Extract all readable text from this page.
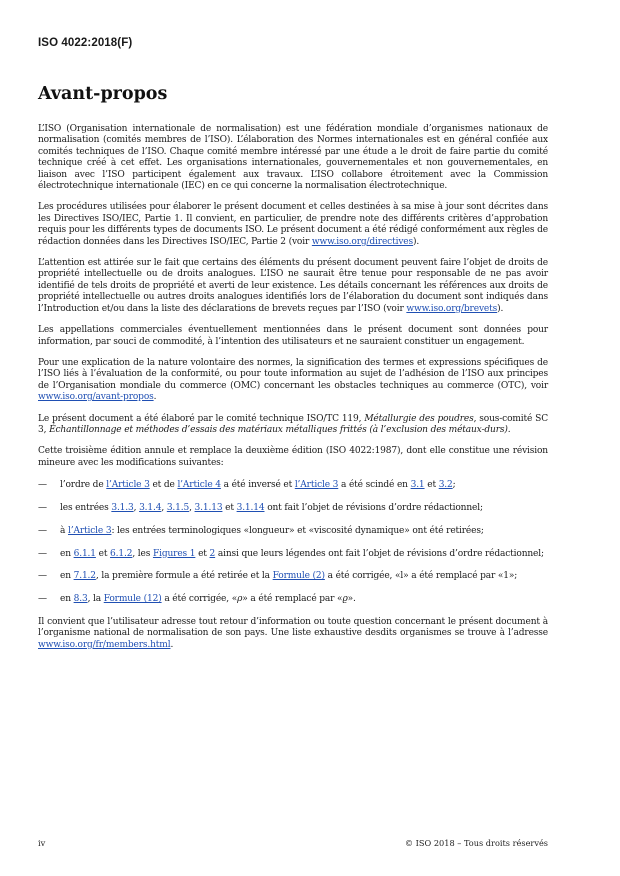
ISO 4022:2018(F)
Avant-propos

L’ISO (Organisation internationale de normalisation) est une fédération mondiale d’organismes nationaux de normalisation (comités membres de l’ISO). L’élaboration des Normes internationales est en général confiée aux comités techniques de l’ISO. Chaque comité membre intéressé par une étude a le droit de faire partie du comité technique créé à cet effet. Les organisations internationales, gouvernementales et non gouvernementales, en liaison avec l’ISO participent également aux travaux. L’ISO collabore étroitement avec la Commission électrotechnique internationale (IEC) en ce qui concerne la normalisation électrotechnique.

Les procédures utilisées pour élaborer le présent document et celles destinées à sa mise à jour sont décrites dans les Directives ISO/IEC, Partie 1. Il convient, en particulier, de prendre note des différents critères d’approbation requis pour les différents types de documents ISO. Le présent document a été rédigé conformément aux règles de rédaction données dans les Directives ISO/IEC, Partie 2 (voir www.iso.org/directives).

L’attention est attirée sur le fait que certains des éléments du présent document peuvent faire l’objet de droits de propriété intellectuelle ou de droits analogues. L’ISO ne saurait être tenue pour responsable de ne pas avoir identifié de tels droits de propriété et averti de leur existence. Les détails concernant les références aux droits de propriété intellectuelle ou autres droits analogues identifiés lors de l’élaboration du document sont indiqués dans l’Introduction et/ou dans la liste des déclarations de brevets reçues par l’ISO (voir www.iso.org/brevets).

Les appellations commerciales éventuellement mentionnées dans le présent document sont données pour information, par souci de commodité, à l’intention des utilisateurs et ne sauraient constituer un engagement.

Pour une explication de la nature volontaire des normes, la signification des termes et expressions spécifiques de l’ISO liés à l’évaluation de la conformité, ou pour toute information au sujet de l’adhésion de l’ISO aux principes de l’Organisation mondiale du commerce (OMC) concernant les obstacles techniques au commerce (OTC), voir www.iso.org/avant-propos.

Le présent document a été élaboré par le comité technique ISO/TC 119, Métallurgie des poudres, sous-comité SC 3, Échantillonnage et méthodes d’essais des matériaux métalliques frittés (à l’exclusion des métaux-durs).

Cette troisième édition annule et remplace la deuxième édition (ISO 4022:1987), dont elle constitue une révision mineure avec les modifications suivantes:

— l’ordre de l’Article 3 et de l’Article 4 a été inversé et l’Article 3 a été scindé en 3.1 et 3.2;
— les entrées 3.1.3, 3.1.4, 3.1.5, 3.1.13 et 3.1.14 ont fait l’objet de révisions d’ordre rédactionnel;
— à l’Article 3: les entrées terminologiques «longueur» et «viscosité dynamique» ont été retirées;
— en 6.1.1 et 6.1.2, les Figures 1 et 2 ainsi que leurs légendes ont fait l’objet de révisions d’ordre rédactionnel;
— en 7.1.2, la première formule a été retirée et la Formule (2) a été corrigée, «l» a été remplacé par «1»;
— en 8.3, la Formule (12) a été corrigée, «ρ» a été remplacé par «ϱ».

Il convient que l’utilisateur adresse tout retour d’information ou toute question concernant le présent document à l’organisme national de normalisation de son pays. Une liste exhaustive desdits organismes se trouve à l’adresse www.iso.org/fr/members.html.

iv	© ISO 2018 – Tous droits réservés
